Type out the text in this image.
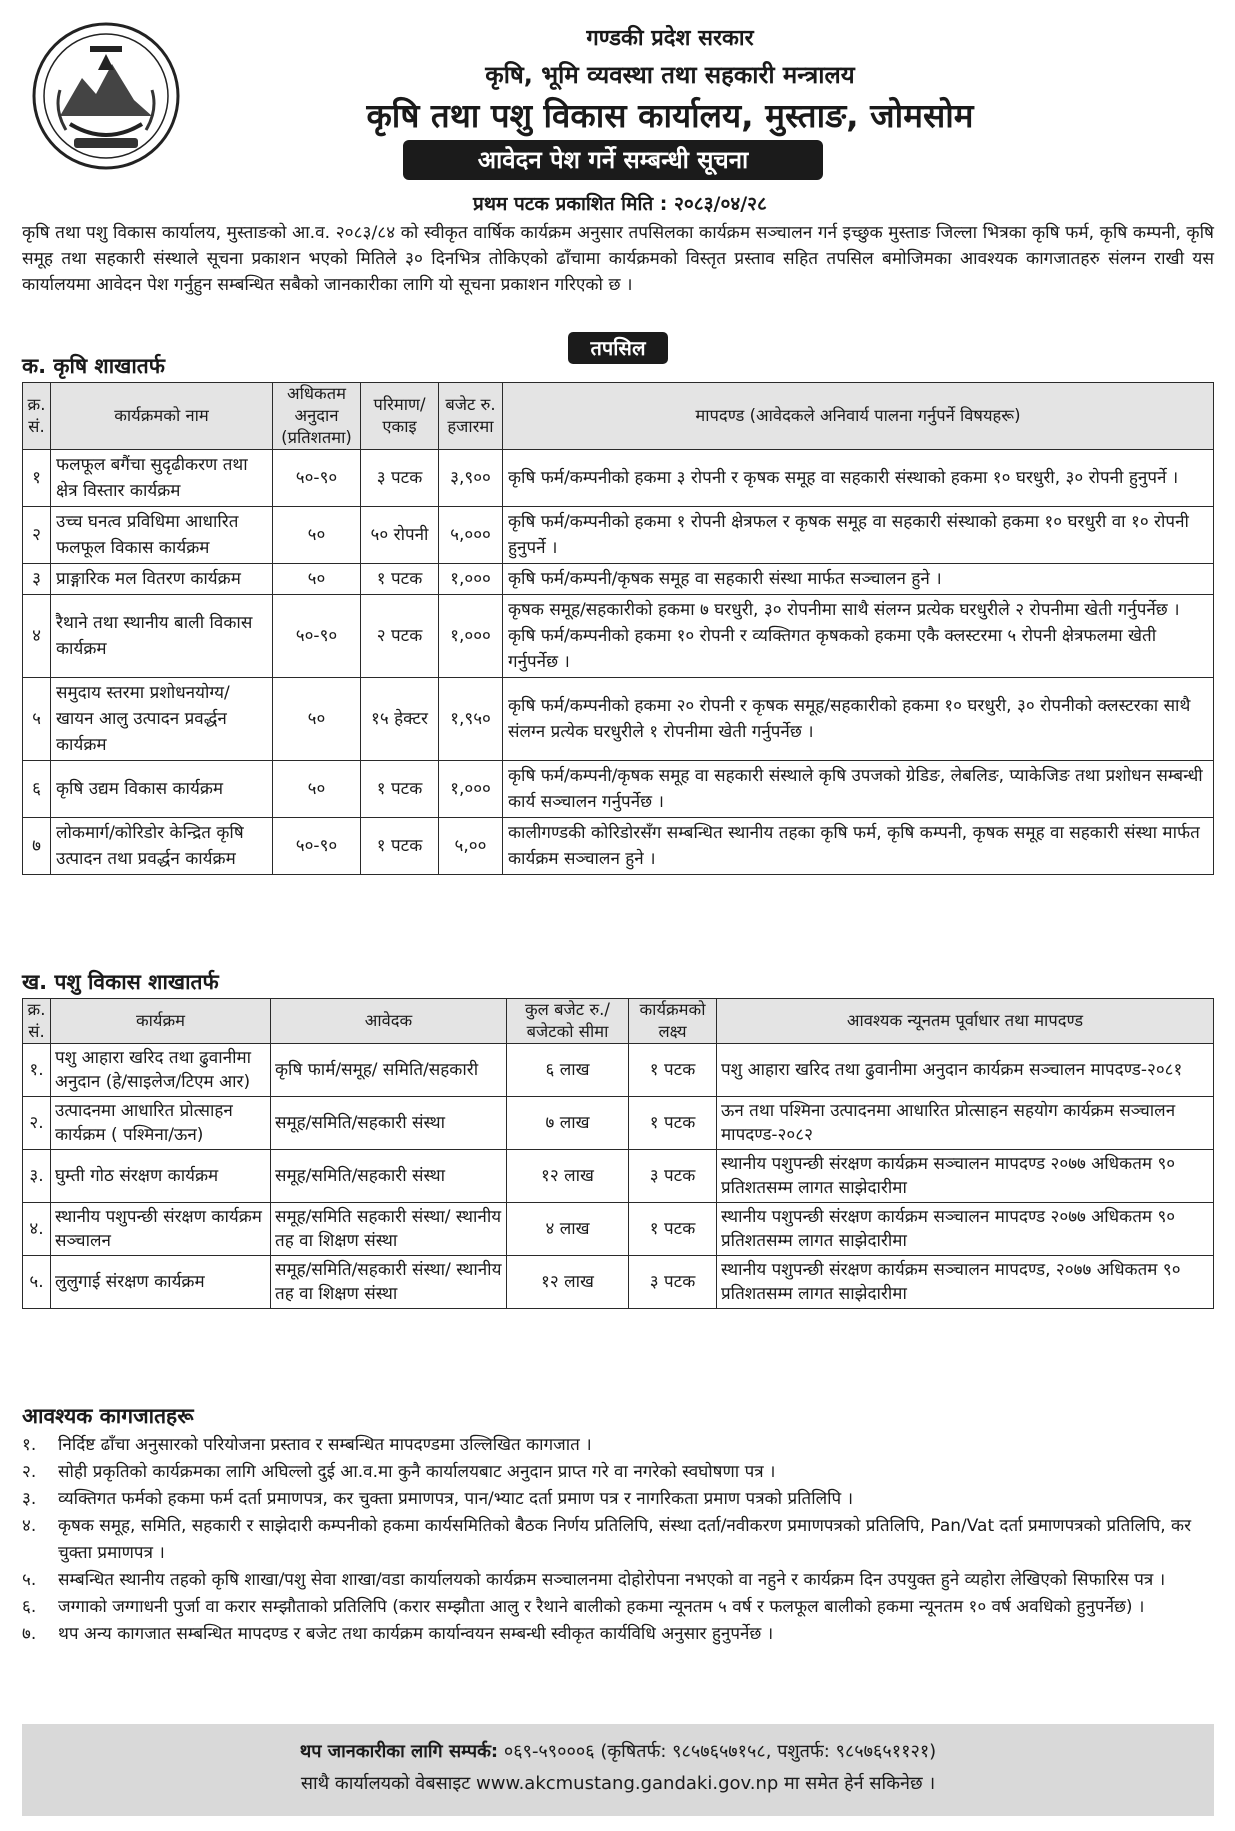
गण्डकी प्रदेश सरकार
कृषि, भूमि व्यवस्था तथा सहकारी मन्त्रालय
कृषि तथा पशु विकास कार्यालय, मुस्ताङ, जोमसोम
आवेदन पेश गर्ने सम्बन्धी सूचना
प्रथम पटक प्रकाशित मिति : २०८३/०४/२८

कृषि तथा पशु विकास कार्यालय, मुस्ताङको आ.व. २०८३/८४ को स्वीकृत वार्षिक कार्यक्रम अनुसार तपसिलका कार्यक्रम सञ्चालन गर्न इच्छुक मुस्ताङ जिल्ला भित्रका कृषि फर्म, कृषि कम्पनी, कृषि समूह तथा सहकारी संस्थाले सूचना प्रकाशन भएको मितिले ३० दिनभित्र तोकिएको ढाँचामा कार्यक्रमको विस्तृत प्रस्ताव सहित तपसिल बमोजिमका आवश्यक कागजातहरु संलग्न राखी यस कार्यालयमा आवेदन पेश गर्नुहुन सम्बन्धित सबैको जानकारीका लागि यो सूचना प्रकाशन गरिएको छ ।

क. कृषि शाखातर्फ
तपसिल
क्र. सं.	कार्यक्रमको नाम	अधिकतम अनुदान (प्रतिशतमा)	परिमाण/ एकाइ	बजेट रु. हजारमा	मापदण्ड (आवेदकले अनिवार्य पालना गर्नुपर्ने विषयहरू)
१	फलफूल बगैंचा सुदृढीकरण तथा क्षेत्र विस्तार कार्यक्रम	५०-९०	३ पटक	३,९००	कृषि फर्म/कम्पनीको हकमा ३ रोपनी र कृषक समूह वा सहकारी संस्थाको हकमा १० घरधुरी, ३० रोपनी हुनुपर्ने ।
२	उच्च घनत्व प्रविधिमा आधारित फलफूल विकास कार्यक्रम	५०	५० रोपनी	५,०००	कृषि फर्म/कम्पनीको हकमा १ रोपनी क्षेत्रफल र कृषक समूह वा सहकारी संस्थाको हकमा १० घरधुरी वा १० रोपनी हुनुपर्ने ।
३	प्राङ्गारिक मल वितरण कार्यक्रम	५०	१ पटक	१,०००	कृषि फर्म/कम्पनी/कृषक समूह वा सहकारी संस्था मार्फत सञ्चालन हुने ।
४	रैथाने तथा स्थानीय बाली विकास कार्यक्रम	५०-९०	२ पटक	१,०००	कृषक समूह/सहकारीको हकमा ७ घरधुरी, ३० रोपनीमा साथै संलग्न प्रत्येक घरधुरीले २ रोपनीमा खेती गर्नुपर्नेछ । कृषि फर्म/कम्पनीको हकमा १० रोपनी र व्यक्तिगत कृषकको हकमा एकै क्लस्टरमा ५ रोपनी क्षेत्रफलमा खेती गर्नुपर्नेछ ।
५	समुदाय स्तरमा प्रशोधनयोग्य/खायन आलु उत्पादन प्रवर्द्धन कार्यक्रम	५०	१५ हेक्टर	१,९५०	कृषि फर्म/कम्पनीको हकमा २० रोपनी र कृषक समूह/सहकारीको हकमा १० घरधुरी, ३० रोपनीको क्लस्टरका साथै संलग्न प्रत्येक घरधुरीले १ रोपनीमा खेती गर्नुपर्नेछ ।
६	कृषि उद्यम विकास कार्यक्रम	५०	१ पटक	१,०००	कृषि फर्म/कम्पनी/कृषक समूह वा सहकारी संस्थाले कृषि उपजको ग्रेडिङ, लेबलिङ, प्याकेजिङ तथा प्रशोधन सम्बन्धी कार्य सञ्चालन गर्नुपर्नेछ ।
७	लोकमार्ग/कोरिडोर केन्द्रित कृषि उत्पादन तथा प्रवर्द्धन कार्यक्रम	५०-९०	१ पटक	५,००	कालीगण्डकी कोरिडोरसँग सम्बन्धित स्थानीय तहका कृषि फर्म, कृषि कम्पनी, कृषक समूह वा सहकारी संस्था मार्फत कार्यक्रम सञ्चालन हुने ।
ख. पशु विकास शाखातर्फ
क्र. सं.	कार्यक्रम	आवेदक	कुल बजेट रु./ बजेटको सीमा	कार्यक्रमको लक्ष्य	आवश्यक न्यूनतम पूर्वाधार तथा मापदण्ड
१.	पशु आहारा खरिद तथा ढुवानीमा अनुदान (हे/साइलेज/टिएम आर)	कृषि फार्म/समूह/ समिति/सहकारी	६ लाख	१ पटक	पशु आहारा खरिद तथा ढुवानीमा अनुदान कार्यक्रम सञ्चालन मापदण्ड-२०८१
२.	उत्पादनमा आधारित प्रोत्साहन कार्यक्रम ( पश्मिना/ऊन)	समूह/समिति/सहकारी संस्था	७ लाख	१ पटक	ऊन तथा पश्मिना उत्पादनमा आधारित प्रोत्साहन सहयोग कार्यक्रम सञ्चालन मापदण्ड-२०८२
३.	घुम्ती गोठ संरक्षण कार्यक्रम	समूह/समिति/सहकारी संस्था	१२ लाख	३ पटक	स्थानीय पशुपन्छी संरक्षण कार्यक्रम सञ्चालन मापदण्ड २०७७ अधिकतम ९० प्रतिशतसम्म लागत साझेदारीमा
४.	स्थानीय पशुपन्छी संरक्षण कार्यक्रम सञ्चालन	समूह/समिति सहकारी संस्था/ स्थानीय तह वा शिक्षण संस्था	४ लाख	१ पटक	स्थानीय पशुपन्छी संरक्षण कार्यक्रम सञ्चालन मापदण्ड २०७७ अधिकतम ९० प्रतिशतसम्म लागत साझेदारीमा
५.	लुलुगाई संरक्षण कार्यक्रम	समूह/समिति/सहकारी संस्था/ स्थानीय तह वा शिक्षण संस्था	१२ लाख	३ पटक	स्थानीय पशुपन्छी संरक्षण कार्यक्रम सञ्चालन मापदण्ड, २०७७ अधिकतम ९० प्रतिशतसम्म लागत साझेदारीमा
आवश्यक कागजातहरू
१.	निर्दिष्ट ढाँचा अनुसारको परियोजना प्रस्ताव र सम्बन्धित मापदण्डमा उल्लिखित कागजात ।
२.	सोही प्रकृतिको कार्यक्रमका लागि अघिल्लो दुई आ.व.मा कुनै कार्यालयबाट अनुदान प्राप्त गरे वा नगरेको स्वघोषणा पत्र ।
३.	व्यक्तिगत फर्मको हकमा फर्म दर्ता प्रमाणपत्र, कर चुक्ता प्रमाणपत्र, पान/भ्याट दर्ता प्रमाण पत्र र नागरिकता प्रमाण पत्रको प्रतिलिपि ।
४.	कृषक समूह, समिति, सहकारी र साझेदारी कम्पनीको हकमा कार्यसमितिको बैठक निर्णय प्रतिलिपि, संस्था दर्ता/नवीकरण प्रमाणपत्रको प्रतिलिपि, Pan/Vat दर्ता प्रमाणपत्रको प्रतिलिपि, कर चुक्ता प्रमाणपत्र ।
५.	सम्बन्धित स्थानीय तहको कृषि शाखा/पशु सेवा शाखा/वडा कार्यालयको कार्यक्रम सञ्चालनमा दोहोरोपना नभएको वा नहुने र कार्यक्रम दिन उपयुक्त हुने व्यहोरा लेखिएको सिफारिस पत्र ।
६.	जग्गाको जग्गाधनी पुर्जा वा करार सम्झौताको प्रतिलिपि (करार सम्झौता आलु र रैथाने बालीको हकमा न्यूनतम ५ वर्ष र फलफूल बालीको हकमा न्यूनतम १० वर्ष अवधिको हुनुपर्नेछ) ।
७.	थप अन्य कागजात सम्बन्धित मापदण्ड र बजेट तथा कार्यक्रम कार्यान्वयन सम्बन्धी स्वीकृत कार्यविधि अनुसार हुनुपर्नेछ ।
थप जानकारीका लागि सम्पर्क: ०६९-५९०००६ (कृषितर्फ: ९८५७६५७१५८, पशुतर्फ: ९८५७६५११२१)
साथै कार्यालयको वेबसाइट www.akcmustang.gandaki.gov.np मा समेत हेर्न सकिनेछ ।
